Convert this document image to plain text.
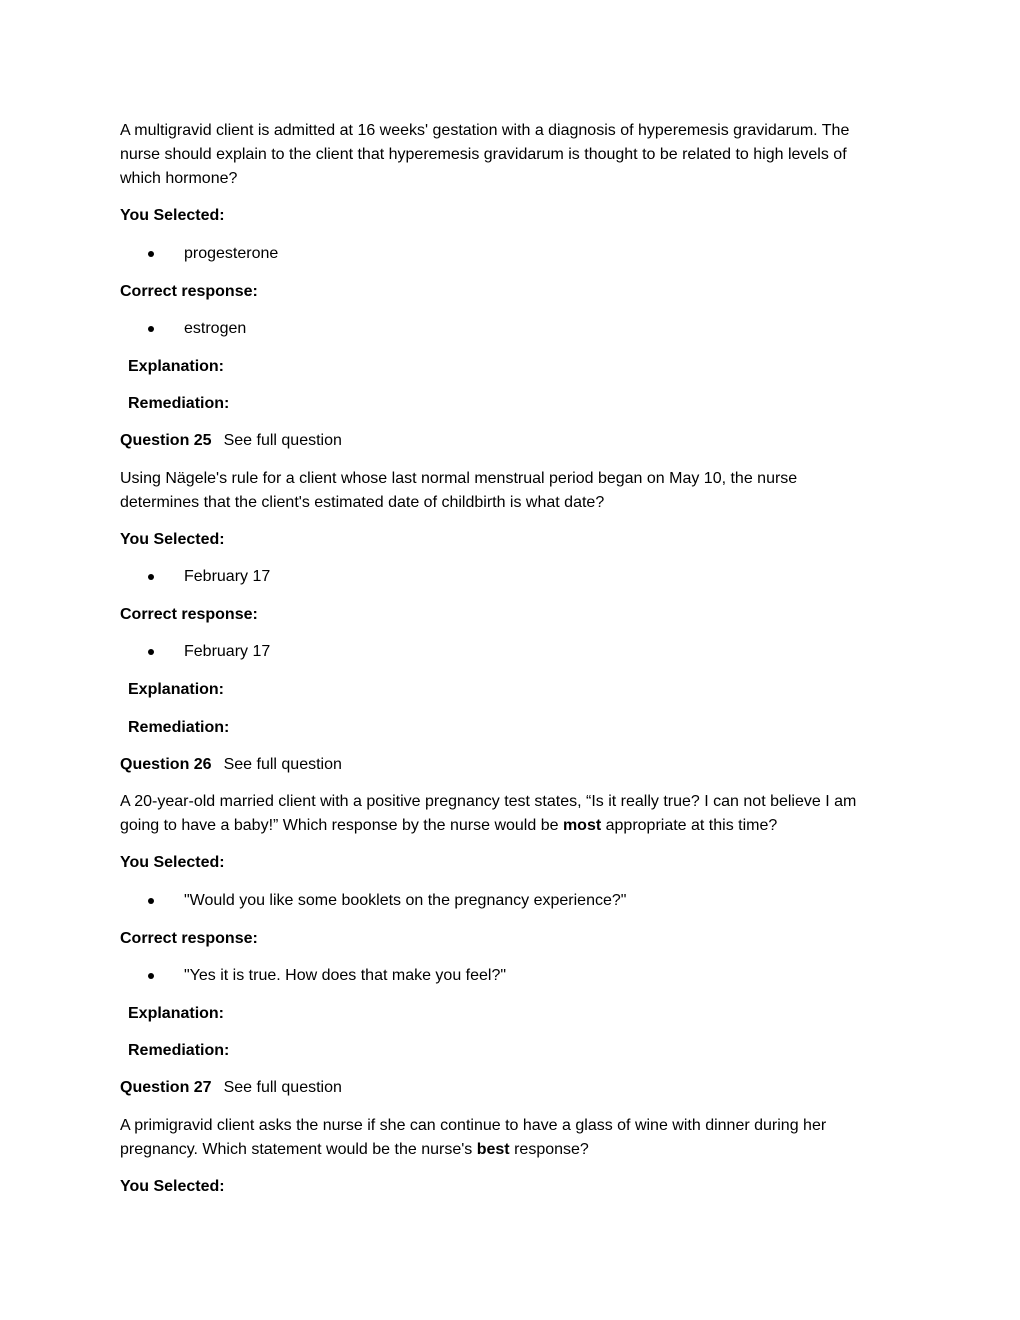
A multigravid client is admitted at 16 weeks' gestation with a diagnosis of hyperemesis gravidarum. The

nurse should explain to the client that hyperemesis gravidarum is thought to be related to high levels of

which hormone?

You Selected:

progesterone

Correct response:

estrogen

Explanation:

Remediation:

Question 25 See full question

Using Nägele's rule for a client whose last normal menstrual period began on May 10, the nurse

determines that the client's estimated date of childbirth is what date?

You Selected:

February 17

Correct response:

February 17

Explanation:

Remediation:

Question 26 See full question

A 20-year-old married client with a positive pregnancy test states, “Is it really true? I can not believe I am

going to have a baby!” Which response by the nurse would be most appropriate at this time?

You Selected:

"Would you like some booklets on the pregnancy experience?"

Correct response:

"Yes it is true. How does that make you feel?"

Explanation:

Remediation:

Question 27 See full question

A primigravid client asks the nurse if she can continue to have a glass of wine with dinner during her

pregnancy. Which statement would be the nurse's best response?

You Selected:
